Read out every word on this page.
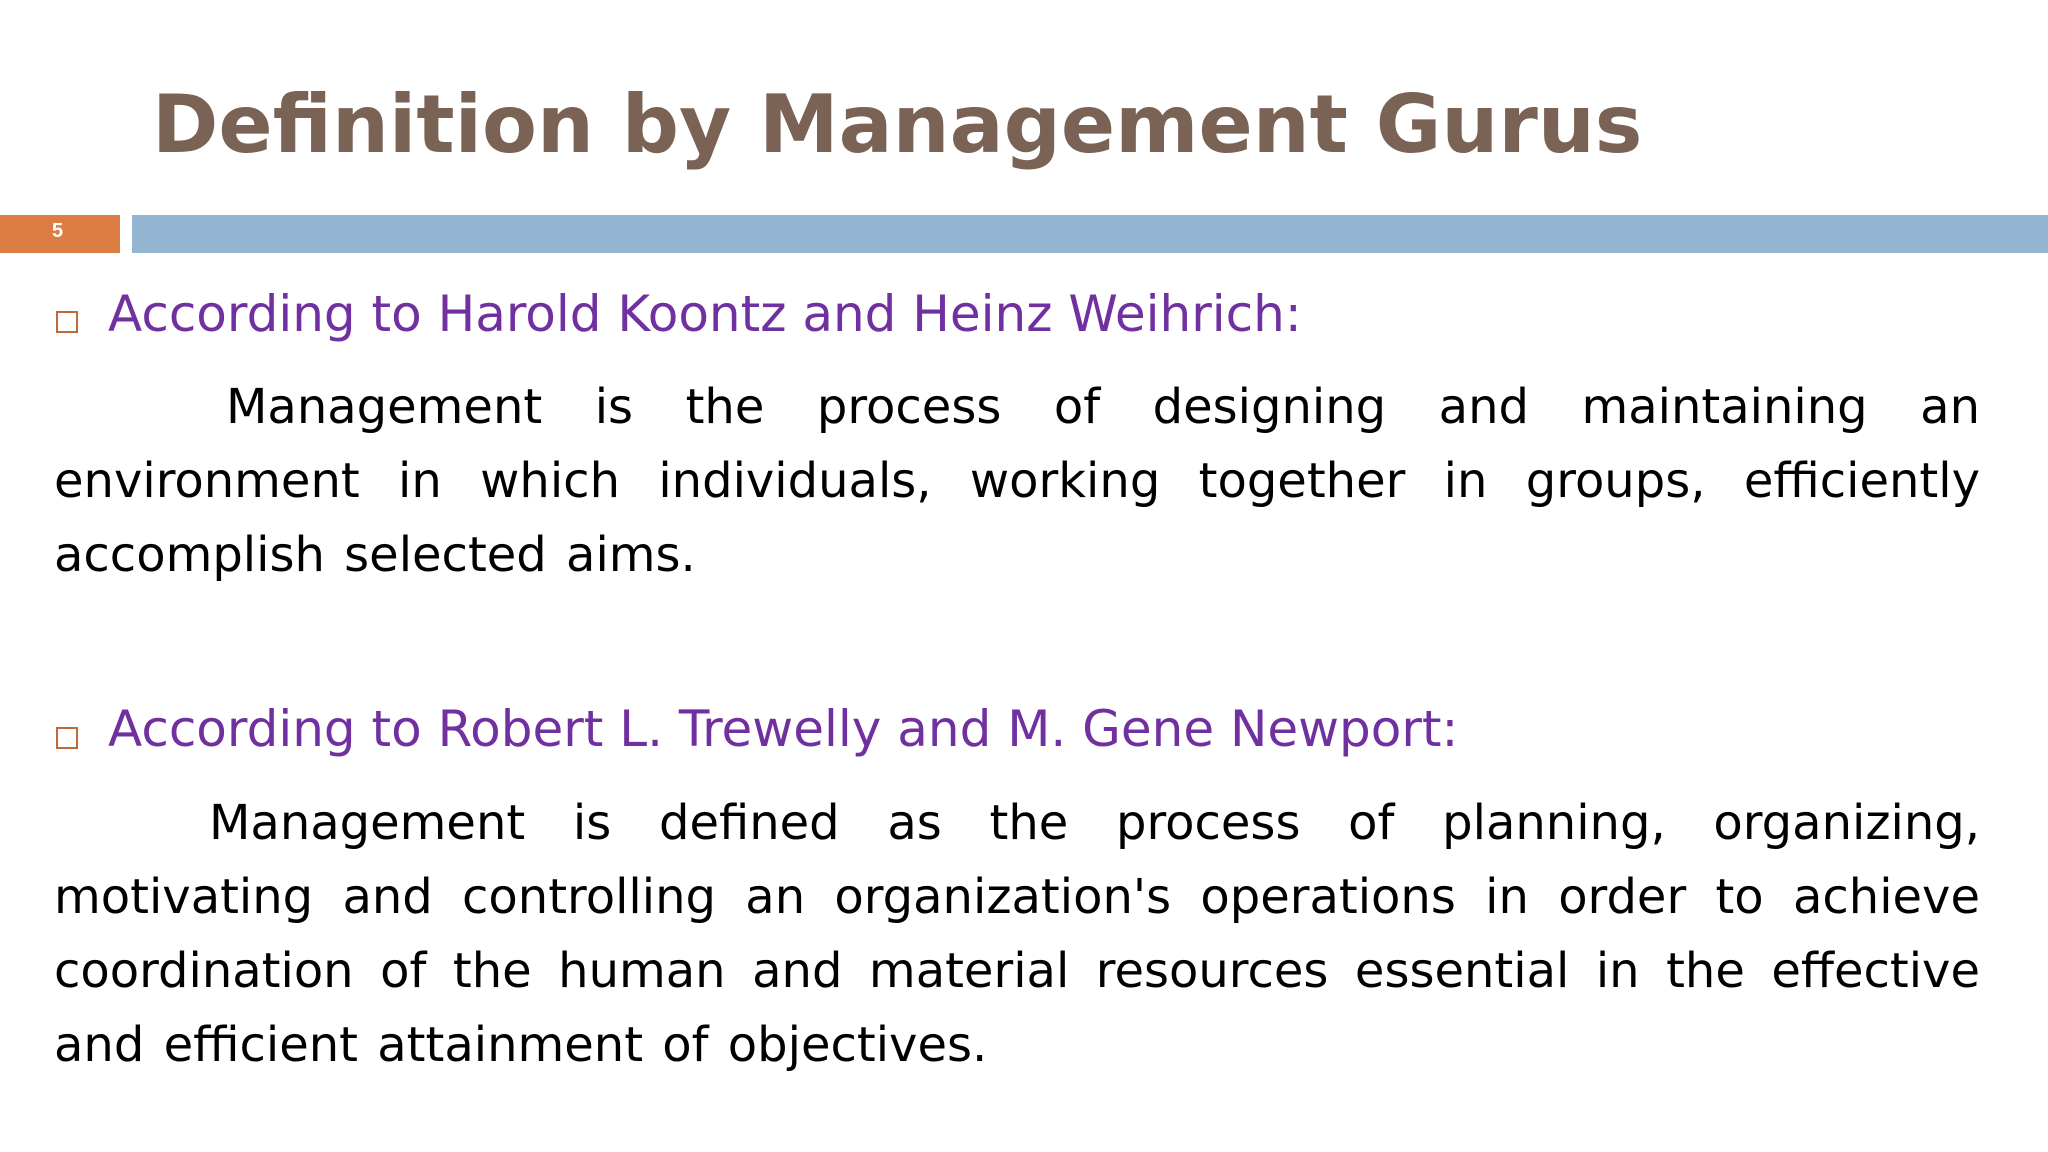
Definition by Management Gurus
5
According to Harold Koontz and Heinz Weihrich:

Management is the process of designing and maintaining an environment in which individuals, working together in groups, efficiently accomplish selected aims.

According to Robert L. Trewelly and M. Gene Newport:

Management is defined as the process of planning, organizing, motivating and controlling an organization's operations in order to achieve coordination of the human and material resources essential in the effective and efficient attainment of objectives.
